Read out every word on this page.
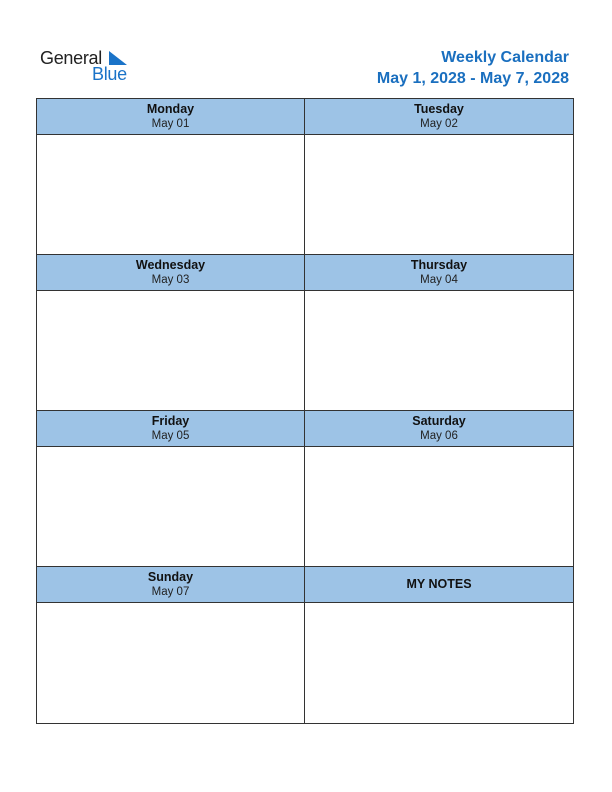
General
Blue
Weekly Calendar
May 1, 2028 - May 7, 2028
Monday
May 01
Tuesday
May 02
Wednesday
May 03
Thursday
May 04
Friday
May 05
Saturday
May 06
Sunday
May 07
MY NOTES
